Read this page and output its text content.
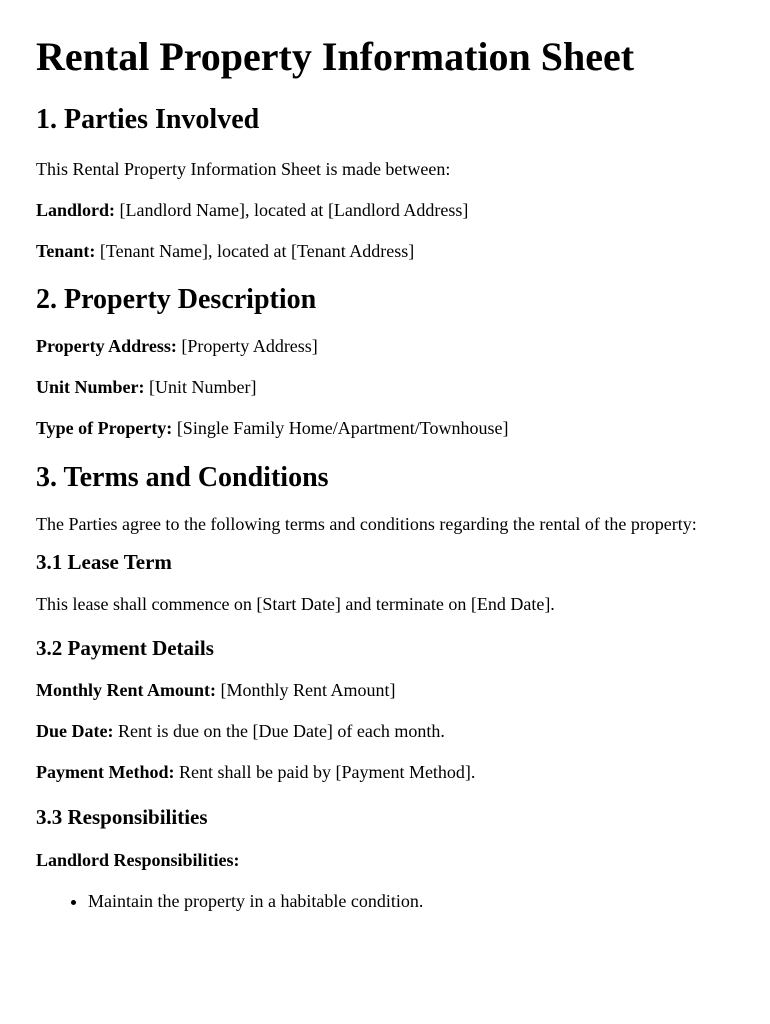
Rental Property Information Sheet
1. Parties Involved

This Rental Property Information Sheet is made between:

Landlord: [Landlord Name], located at [Landlord Address]

Tenant: [Tenant Name], located at [Tenant Address]

2. Property Description

Property Address: [Property Address]

Unit Number: [Unit Number]

Type of Property: [Single Family Home/Apartment/Townhouse]

3. Terms and Conditions

The Parties agree to the following terms and conditions regarding the rental of the property:

3.1 Lease Term

This lease shall commence on [Start Date] and terminate on [End Date].

3.2 Payment Details

Monthly Rent Amount: [Monthly Rent Amount]

Due Date: Rent is due on the [Due Date] of each month.

Payment Method: Rent shall be paid by [Payment Method].

3.3 Responsibilities

Landlord Responsibilities:

• Maintain the property in a habitable condition.
